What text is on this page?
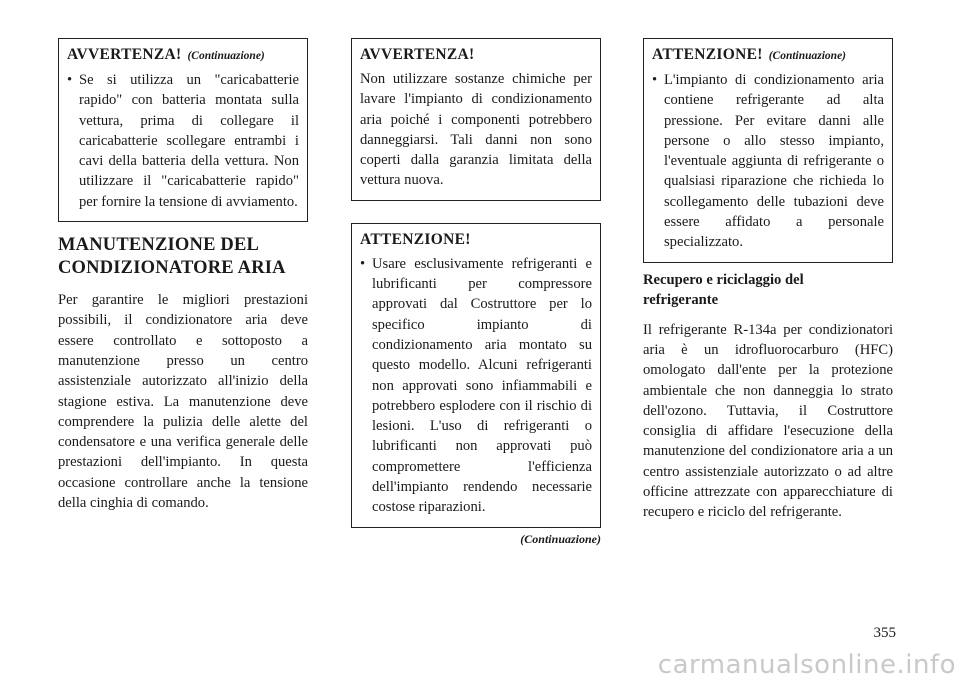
AVVERTENZA! (Continuazione)
• Se si utilizza un "caricabatterie rapido" con batteria montata sulla vettura, prima di collegare il caricabatterie scollegare entrambi i cavi della batteria della vettura. Non utilizzare il "caricabatterie rapido" per fornire la tensione di avviamento.
MANUTENZIONE DEL
CONDIZIONATORE ARIA

Per garantire le migliori prestazioni possibili, il condizionatore aria deve essere controllato e sottoposto a manutenzione presso un centro assistenziale autorizzato all'inizio della stagione estiva. La manutenzione deve comprendere la pulizia delle alette del condensatore e una verifica generale delle prestazioni dell'impianto. In questa occasione controllare anche la tensione della cinghia di comando.

AVVERTENZA!

Non utilizzare sostanze chimiche per lavare l'impianto di condizionamento aria poiché i componenti potrebbero danneggiarsi. Tali danni non sono coperti dalla garanzia limitata della vettura nuova.

ATTENZIONE!
• Usare esclusivamente refrigeranti e lubrificanti per compressore approvati dal Costruttore per lo specifico impianto di condizionamento aria montato su questo modello. Alcuni refrigeranti non approvati sono infiammabili e potrebbero esplodere con il rischio di lesioni. L'uso di refrigeranti o lubrificanti non approvati può compromettere l'efficienza dell'impianto rendendo necessarie costose riparazioni.
(Continuazione)
ATTENZIONE! (Continuazione)
• L'impianto di condizionamento aria contiene refrigerante ad alta pressione. Per evitare danni alle persone o allo stesso impianto, l'eventuale aggiunta di refrigerante o qualsiasi riparazione che richieda lo scollegamento delle tubazioni deve essere affidato a personale specializzato.
Recupero e riciclaggio del
refrigerante

Il refrigerante R-134a per condizionatori aria è un idrofluorocarburo (HFC) omologato dall'ente per la protezione ambientale che non danneggia lo strato dell'ozono. Tuttavia, il Costruttore consiglia di affidare l'esecuzione della manutenzione del condizionatore aria a un centro assistenziale autorizzato o ad altre officine attrezzate con apparecchiature di recupero e riciclo del refrigerante.

355
carmanualsonline.info
